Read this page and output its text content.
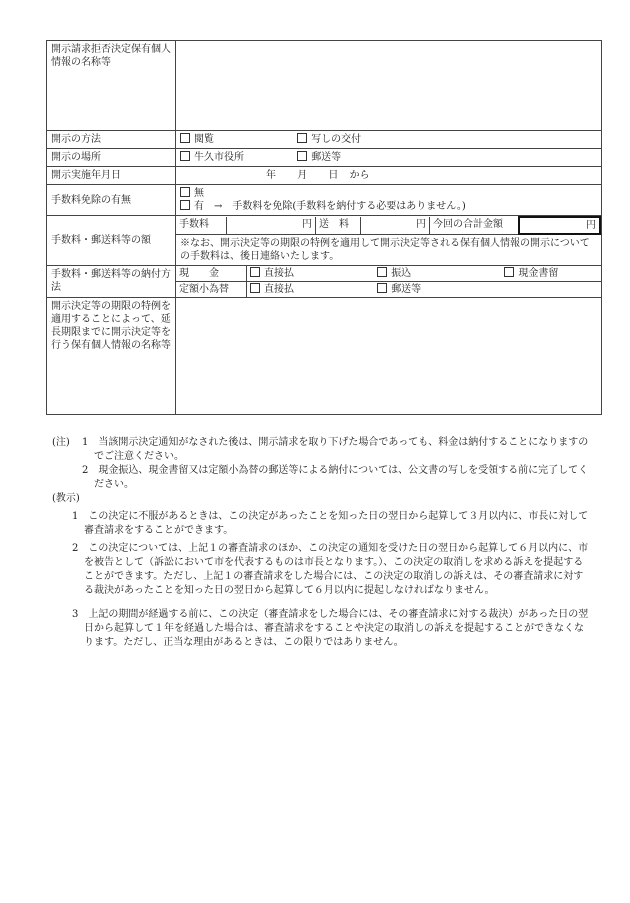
開示請求拒否決定保有個人情報の名称等	
開示の方法	閲覧	写しの交付
開示の場所	牛久市役所	郵送等
開示実施年月日	年 月 日 から
手数料免除の有無	
無
有　→　手数料を免除(手数料を納付する必要はありません。)

手数料・郵送料等の額	
手数料	円	送　料	円	今回の合計金額	円
※なお、開示決定等の期限の特例を適用して開示決定等される保有個人情報の開示についての手数料は、後日連絡いたします。

手数料・郵送料等の納付方法	
現　　金	直接払	振込	現金書留
定額小為替	直接払	郵送等

開示決定等の期限の特例を適用することによって、延長期限までに開示決定等を行う保有個人情報の名称等	

(注)	1　当該開示決定通知がなされた後は、開示請求を取り下げた場合であっても、料金は納付することになりますのでご注意ください。

2　現金振込、現金書留又は定額小為替の郵送等による納付については、公文書の写しを受領する前に完了してください。

(教示)

1　この決定に不服があるときは、この決定があったことを知った日の翌日から起算して３月以内に、市長に対して審査請求をすることができます。

2　この決定については、上記１の審査請求のほか、この決定の通知を受けた日の翌日から起算して６月以内に、市を被告として（訴訟において市を代表するものは市長となります。）、この決定の取消しを求める訴えを提起することができます。ただし、上記１の審査請求をした場合には、この決定の取消しの訴えは、その審査請求に対する裁決があったことを知った日の翌日から起算して６月以内に提起しなければなりません。

3　上記の期間が経過する前に、この決定（審査請求をした場合には、その審査請求に対する裁決）があった日の翌日から起算して１年を経過した場合は、審査請求をすることや決定の取消しの訴えを提起することができなくなります。ただし、正当な理由があるときは、この限りではありません。
